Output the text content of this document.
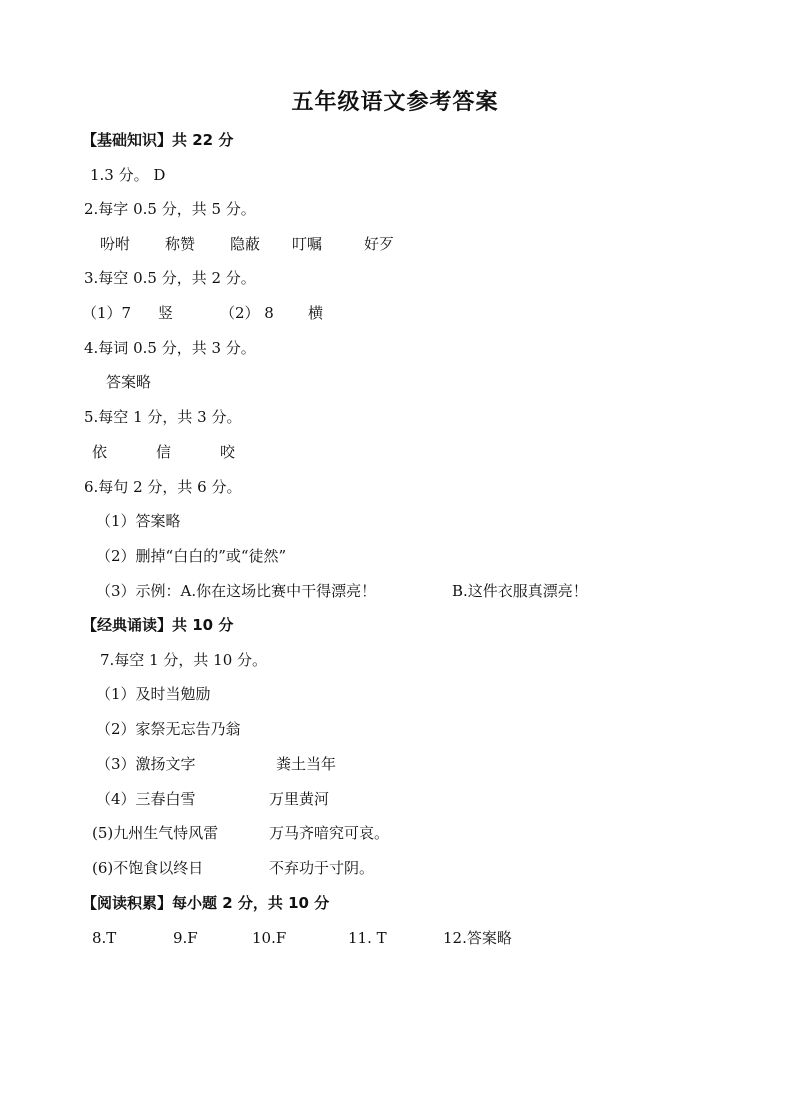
五年级语文参考答案
【基础知识】共 22 分
1.3 分。 D
2.每字 0.5 分，共 5 分。
吩咐 称赞 隐蔽 叮嘱	好歹
3.每空 0.5 分，共 2 分。
（1）7 竖	（2） 8 横
4.每词 0.5 分，共 3 分。
答案略
5.每空 1 分，共 3 分。
依	信	咬
6.每句 2 分，共 6 分。
（1）答案略
（2）删掉“白白的”或“徒然”
（3）示例：A.你在这场比赛中干得漂亮！	B.这件衣服真漂亮！
【经典诵读】共 10 分
7.每空 1 分，共 10 分。
（1）及时当勉励
（2）家祭无忘告乃翁
（3）激扬文字	粪土当年
（4）三春白雪	万里黄河
(5)九州生气恃风雷	万马齐喑究可哀。
(6)不饱食以终日	不弃功于寸阴。
【阅读积累】每小题 2 分，共 10 分
8.T	9.F	10.F	11. T	12.答案略
